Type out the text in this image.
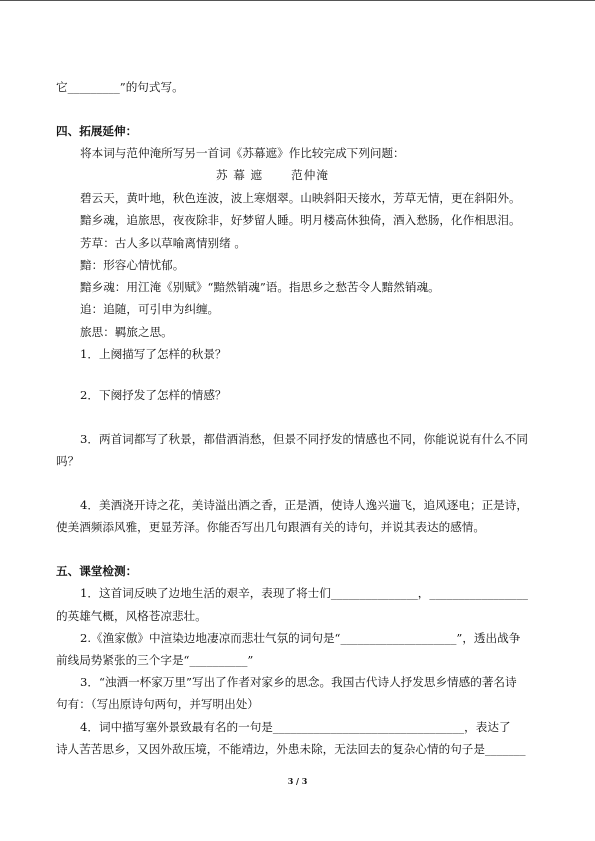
它_________”的句式写。
四、拓展延伸：
将本词与范仲淹所写另一首词《苏幕遮》作比较完成下列问题：
苏 幕 遮 范仲淹
碧云天，黄叶地，秋色连波，波上寒烟翠。山映斜阳天接水，芳草无情，更在斜阳外。
黯乡魂，追旅思，夜夜除非，好梦留人睡。明月楼高休独倚，酒入愁肠，化作相思泪。
芳草：古人多以草喻离情别绪 。
黯：形容心情忧郁。
黯乡魂：用江淹《别赋》“黯然销魂”语。指思乡之愁苦令人黯然销魂。
追：追随，可引申为纠缠。
旅思：羁旅之思。
1．上阕描写了怎样的秋景？
2．下阕抒发了怎样的情感？
3．两首词都写了秋景，都借酒消愁，但景不同抒发的情感也不同，你能说说有什么不同
吗？
4．美酒浇开诗之花，美诗溢出酒之香，正是酒，使诗人逸兴遄飞，追风逐电；正是诗，
使美酒频添风雅，更显芳泽。你能否写出几句跟酒有关的诗句，并说其表达的感情。
五、课堂检测：
1．这首词反映了边地生活的艰辛，表现了将士们_______________，_________________
的英雄气概，风格苍凉悲壮。
2.《渔家傲》中渲染边地凄凉而悲壮气氛的词句是“____________________”，透出战争
前线局势紧张的三个字是“__________”
3．“浊酒一杯家万里”写出了作者对家乡的思念。我国古代诗人抒发思乡情感的著名诗
句有：（写出原诗句两句，并写明出处）
4．词中描写塞外景致最有名的一句是_________________________________，表达了
诗人苦苦思乡，又因外敌压境，不能靖边，外患未除，无法回去的复杂心情的句子是_______
3 / 3
